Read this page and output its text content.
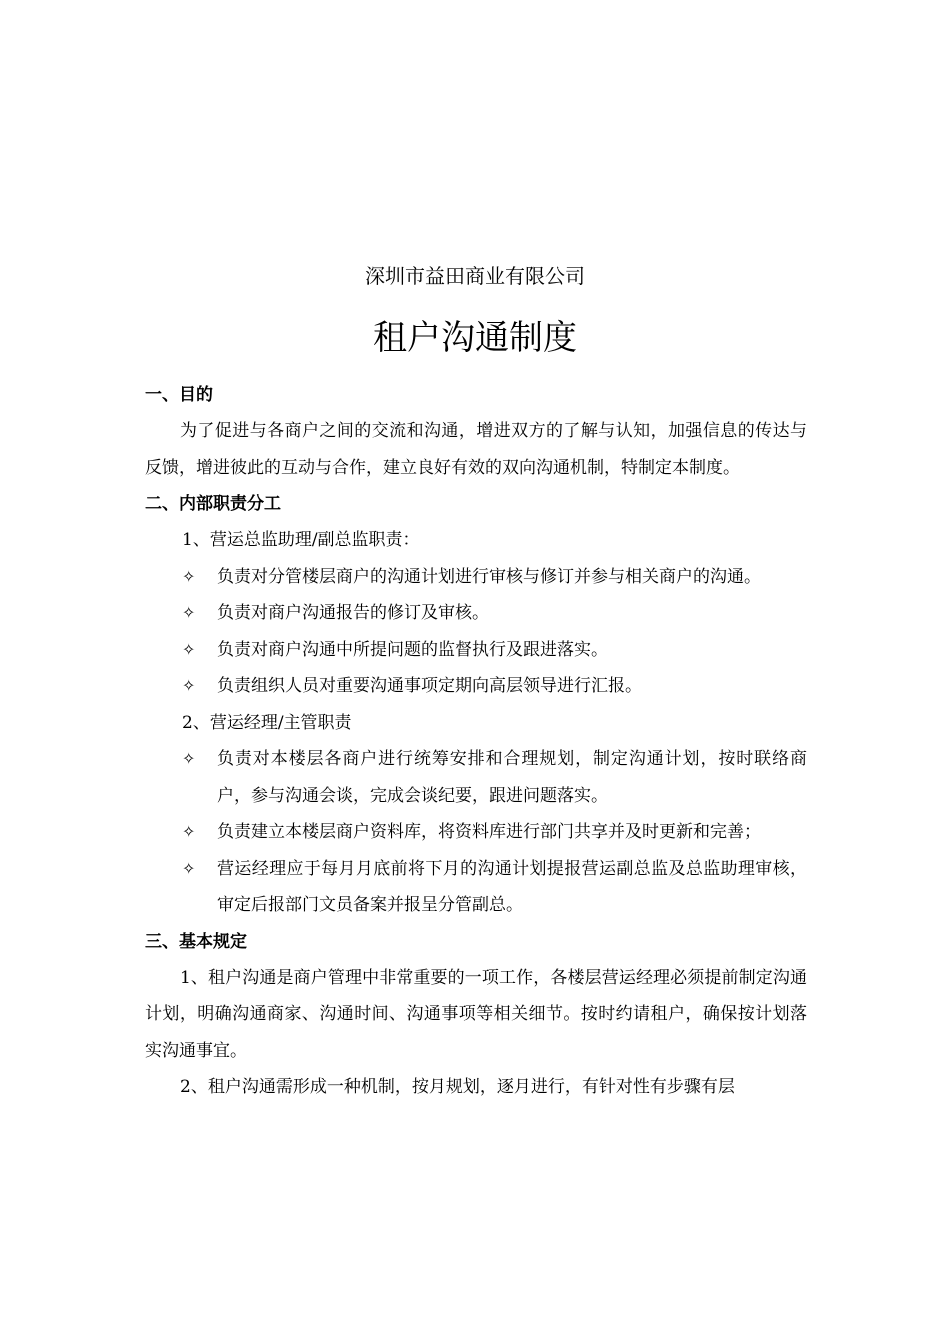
深圳市益田商业有限公司
租户沟通制度
一、目的
为了促进与各商户之间的交流和沟通，增进双方的了解与认知，加强信息的传达与反馈，增进彼此的互动与合作，建立良好有效的双向沟通机制，特制定本制度。
二、内部职责分工
1、营运总监助理/副总监职责：
✧ 负责对分管楼层商户的沟通计划进行审核与修订并参与相关商户的沟通。
✧ 负责对商户沟通报告的修订及审核。
✧ 负责对商户沟通中所提问题的监督执行及跟进落实。
✧ 负责组织人员对重要沟通事项定期向高层领导进行汇报。
2、营运经理/主管职责
✧ 负责对本楼层各商户进行统筹安排和合理规划，制定沟通计划，按时联络商户，参与沟通会谈，完成会谈纪要，跟进问题落实。
✧ 负责建立本楼层商户资料库，将资料库进行部门共享并及时更新和完善；
✧ 营运经理应于每月月底前将下月的沟通计划提报营运副总监及总监助理审核，审定后报部门文员备案并报呈分管副总。
三、基本规定
1、租户沟通是商户管理中非常重要的一项工作，各楼层营运经理必须提前制定沟通计划，明确沟通商家、沟通时间、沟通事项等相关细节。按时约请租户，确保按计划落实沟通事宜。
2、租户沟通需形成一种机制，按月规划，逐月进行，有针对性有步骤有层
